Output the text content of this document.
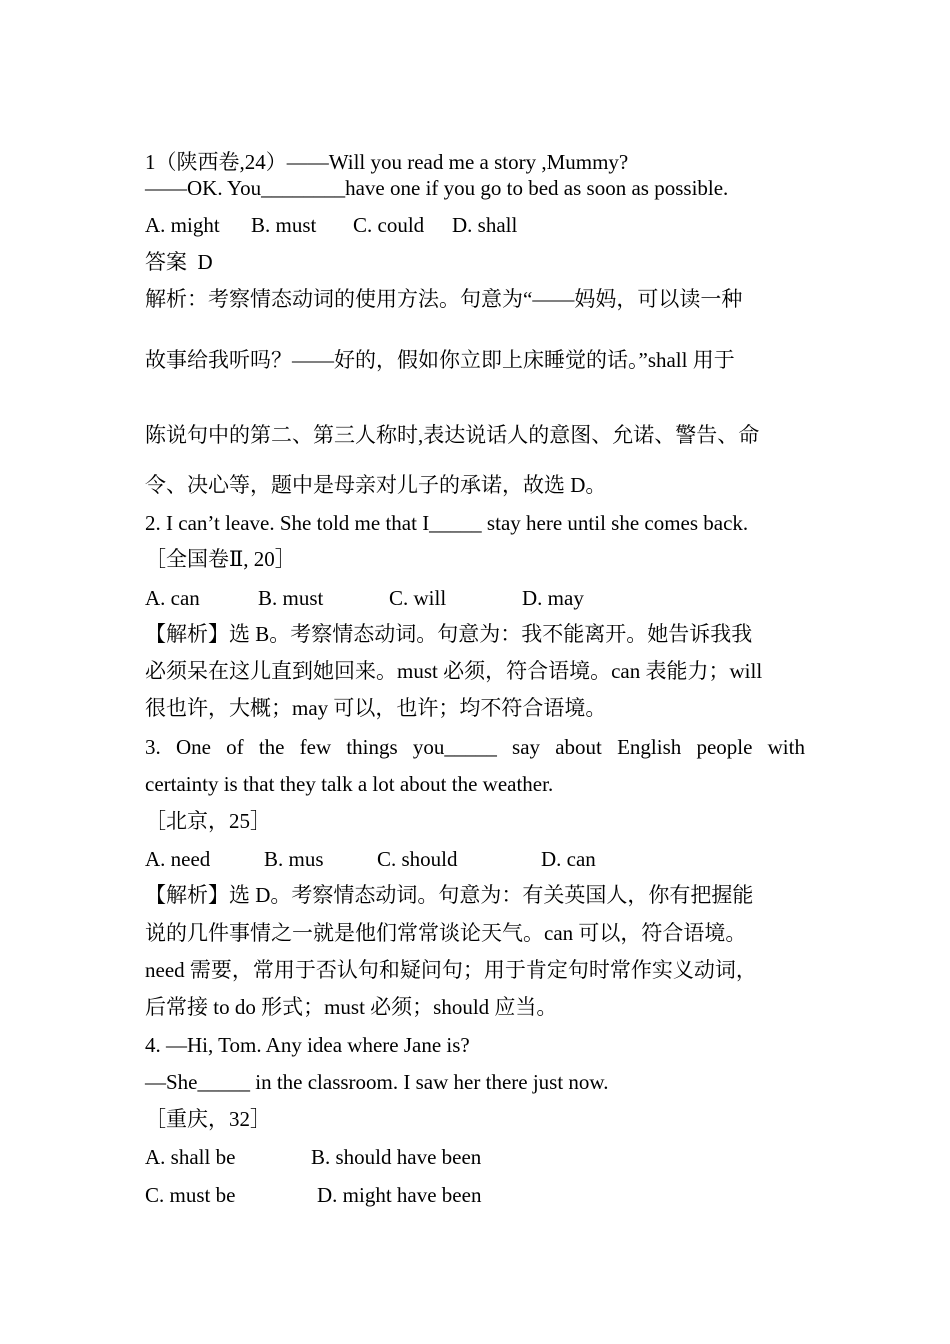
1（陕西卷,24）——Will you read me a story ,Mummy?
——OK. You________have one if you go to bed as soon as possible.
A. might B. must C. could D. shall
答案  D
解析：考察情态动词的使用方法。句意为“——妈妈，可以读一种
故事给我听吗？——好的，假如你立即上床睡觉的话。”shall 用于
陈说句中的第二、第三人称时,表达说话人的意图、允诺、警告、命
令、决心等，题中是母亲对儿子的承诺，故选 D。
2. I can’t leave. She told me that I_____ stay here until she comes back.
［全国卷Ⅱ, 20］
A. can	B. must	C. will	D. may
【解析】选 B。考察情态动词。句意为：我不能离开。她告诉我我
必须呆在这儿直到她回来。must 必须，符合语境。can 表能力；will
很也许，大概；may 可以，也许；均不符合语境。
3. One of the few things you_____ say about English people with
certainty is that they talk a lot about the weather.
［北京，25］
A. need	B. mus	C. should	D. can
【解析】选 D。考察情态动词。句意为：有关英国人，你有把握能
说的几件事情之一就是他们常常谈论天气。can 可以，符合语境。
need 需要，常用于否认句和疑问句；用于肯定句时常作实义动词，
后常接 to do 形式；must 必须；should 应当。
4. —Hi, Tom. Any idea where Jane is?
—She_____ in the classroom. I saw her there just now.
［重庆，32］
A. shall be	B. should have been
C. must be	D. might have been
